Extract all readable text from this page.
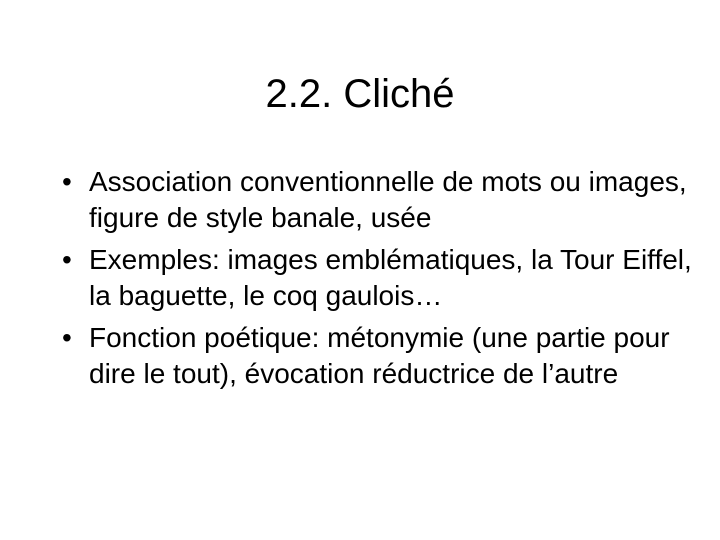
2.2. Cliché
• Association conventionnelle de mots ou images, figure de style banale, usée
• Exemples: images emblématiques, la Tour Eiffel, la baguette, le coq gaulois…
• Fonction poétique: métonymie (une partie pour dire le tout), évocation réductrice de l’autre
